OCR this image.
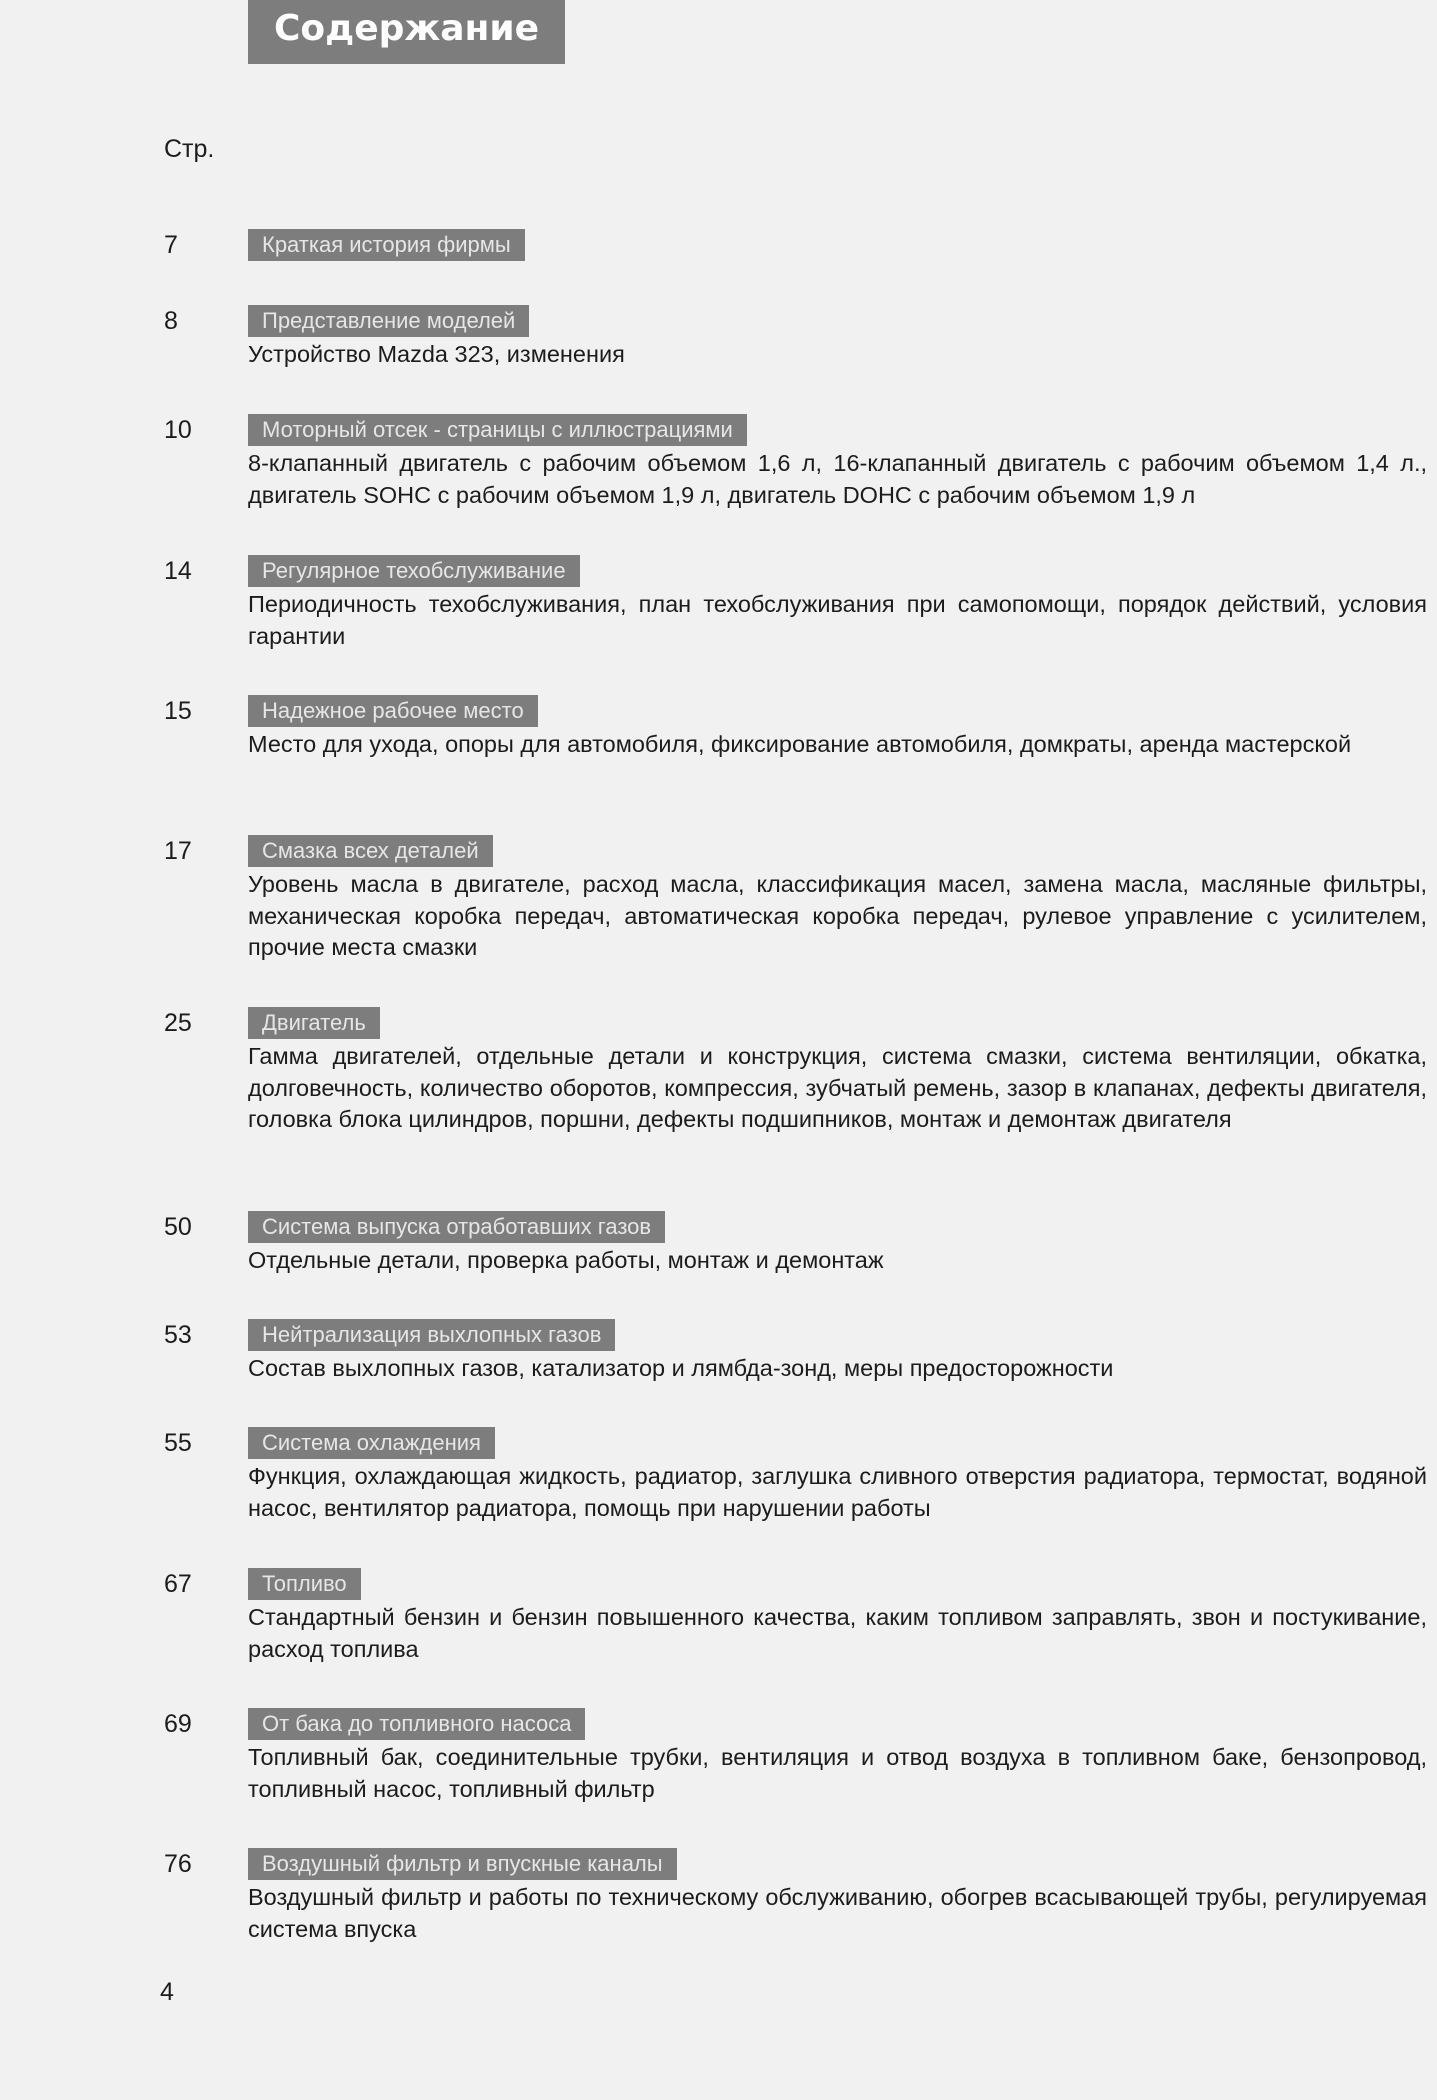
Содержание
Стр.
7	Краткая история фирмы
8	Представление моделей
Устройство Mazda 323, изменения
10	Моторный отсек - страницы с иллюстрациями
8-клапанный двигатель с рабочим объемом 1,6 л, 16-клапанный двигатель с рабочим объемом 1,4 л., двигатель SOHC с рабочим объемом 1,9 л, двигатель DOHC с рабочим объемом 1,9 л
14	Регулярное техобслуживание
Периодичность техобслуживания, план техобслуживания при самопомощи, порядок действий, условия гарантии
15	Надежное рабочее место
Место для ухода, опоры для автомобиля, фиксирование автомобиля, домкраты, аренда мастерской
17	Смазка всех деталей
Уровень масла в двигателе, расход масла, классификация масел, замена масла, масляные фильтры, механическая коробка передач, автоматическая коробка передач, рулевое управление с усилителем, прочие места смазки
25	Двигатель
Гамма двигателей, отдельные детали и конструкция, система смазки, система вентиляции, обкатка, долговечность, количество оборотов, компрессия, зубчатый ремень, зазор в клапанах, дефекты двигателя, головка блока цилиндров, поршни, дефекты подшипников, монтаж и демонтаж двигателя
50	Система выпуска отработавших газов
Отдельные детали, проверка работы, монтаж и демонтаж
53	Нейтрализация выхлопных газов
Состав выхлопных газов, катализатор и лямбда-зонд, меры предосторожности
55	Система охлаждения
Функция, охлаждающая жидкость, радиатор, заглушка сливного отверстия радиатора, термостат, водяной насос, вентилятор радиатора, помощь при нарушении работы
67	Топливо
Стандартный бензин и бензин повышенного качества, каким топливом заправлять, звон и постукивание, расход топлива
69	От бака до топливного насоса
Топливный бак, соединительные трубки, вентиляция и отвод воздуха в топливном баке, бензопровод, топливный насос, топливный фильтр
76	Воздушный фильтр и впускные каналы
Воздушный фильтр и работы по техническому обслуживанию, обогрев всасывающей трубы, регулируемая система впуска
4
